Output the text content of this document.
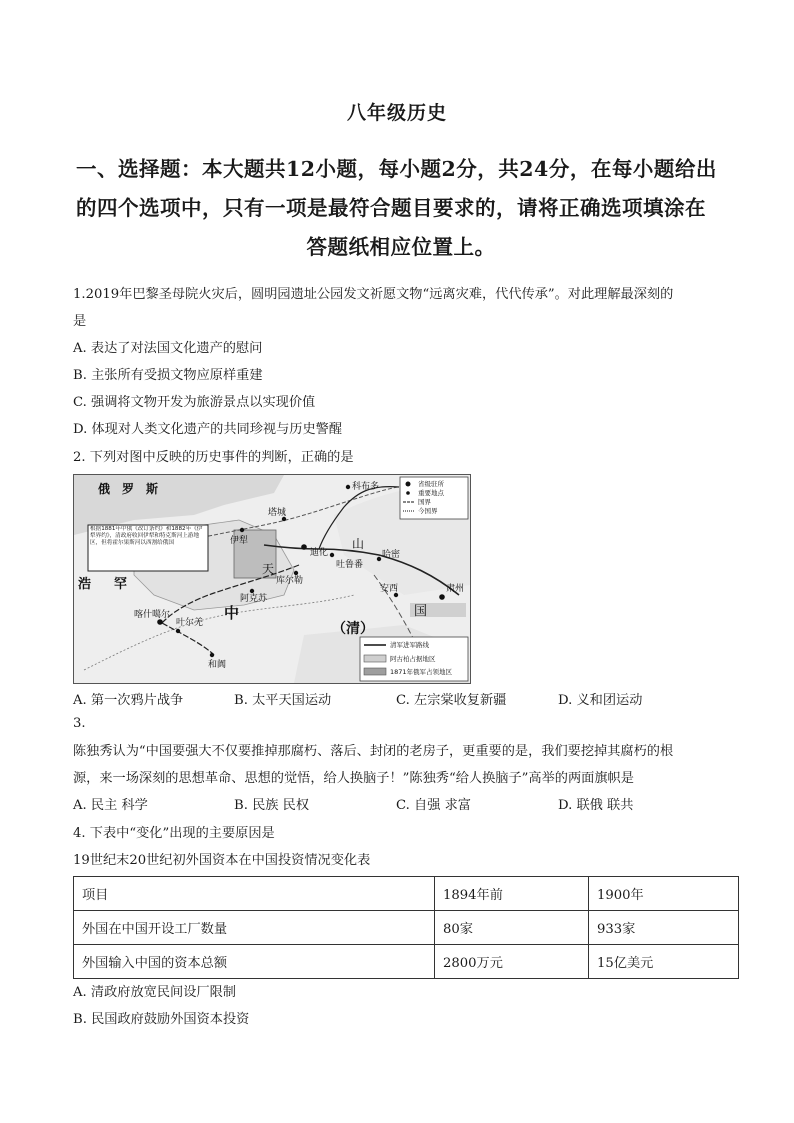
八年级历史
一、选择题：本大题共12小题，每小题2分，共24分，在每小题给出
的四个选项中，只有一项是最符合题目要求的，请将正确选项填涂在
答题纸相应位置上。
1.2019年巴黎圣母院火灾后，圆明园遗址公园发文祈愿文物“远离灾难，代代传承”。对此理解最深刻的
是
A. 表达了对法国文化遗产的慰问
B. 主张所有受损文物应原样重建
C. 强调将文物开发为旅游景点以实现价值
D. 体现对人类文化遗产的共同珍视与历史警醒
2. 下列对图中反映的历史事件的判断，正确的是
俄　罗　斯	科布多
塔城
伊犁
迪化
吐鲁番
哈密
库尔勒
阿克苏
喀什噶尔
叶尔羌
和阗
安西	肃州
天
山
中	国
（清）
浩 罕
根据1881年中俄《改订条约》和1882年《伊犁界约》，清政府收回伊犁和特克斯河上游地区，但将霍尔果斯河以西割给俄国
省级驻所
重要地点
国界
今国界
清军进军路线
阿古柏占据地区
1871年俄军占领地区
A. 第一次鸦片战争	B. 太平天国运动	C. 左宗棠收复新疆	D. 义和团运动
3.
陈独秀认为“中国要强大不仅要推掉那腐朽、落后、封闭的老房子，更重要的是，我们要挖掉其腐朽的根
源，来一场深刻的思想革命、思想的觉悟，给人换脑子！”陈独秀“给人换脑子”高举的两面旗帜是
A. 民主 科学	B. 民族 民权	C. 自强 求富	D. 联俄 联共
4. 下表中“变化”出现的主要原因是
19世纪末20世纪初外国资本在中国投资情况变化表
项目	1894年前	1900年
外国在中国开设工厂数量	80家	933家
外国输入中国的资本总额	2800万元	15亿美元
A. 清政府放宽民间设厂限制
B. 民国政府鼓励外国资本投资
